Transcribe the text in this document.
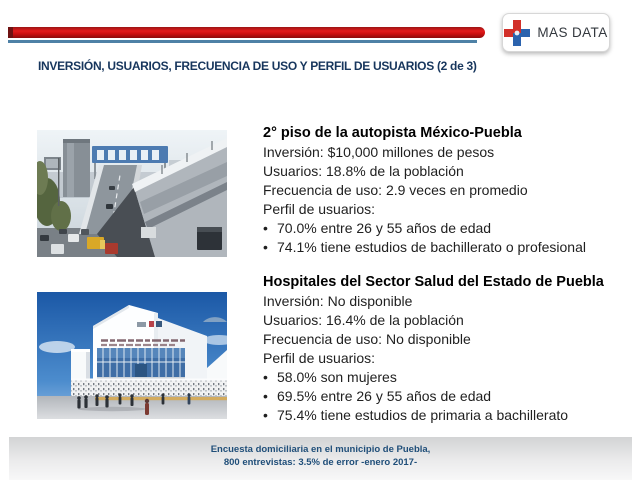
MAS DATA
INVERSIÓN, USUARIOS, FRECUENCIA DE USO Y PERFIL DE USUARIOS (2 de 3)
2° piso de la autopista México-Puebla
Inversión: $10,000 millones de pesos
Usuarios: 18.8% de la población
Frecuencia de uso: 2.9 veces en promedio
Perfil de usuarios:
• 70.0% entre 26 y 55 años de edad
• 74.1% tiene estudios de bachillerato o profesional
Hospitales del Sector Salud del Estado de Puebla
Inversión: No disponible
Usuarios: 16.4% de la población
Frecuencia de uso: No disponible
Perfil de usuarios:
• 58.0% son mujeres
• 69.5% entre 26 y 55 años de edad
• 75.4% tiene estudios de primaria a bachillerato
Encuesta domiciliaria en el municipio de Puebla,
800 entrevistas: 3.5% de error -enero 2017-
